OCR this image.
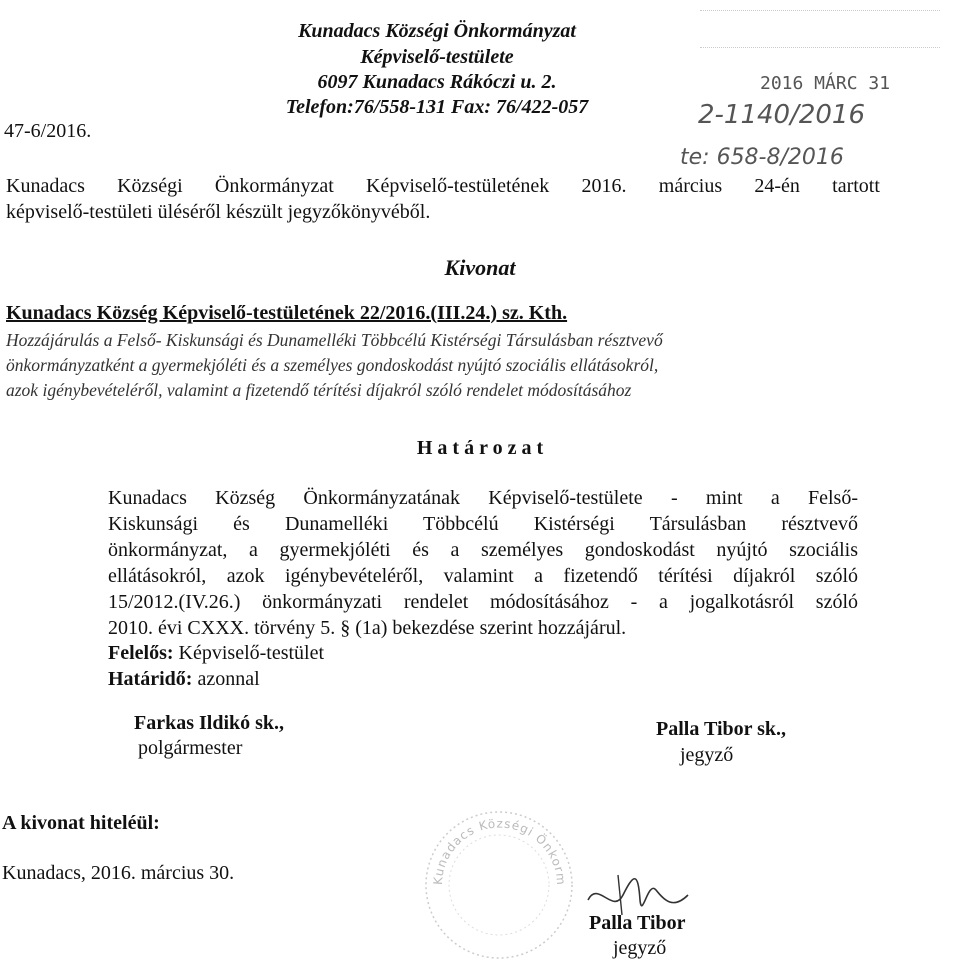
Kunadacs Községi Önkormányzat
Képviselő-testülete
6097 Kunadacs Rákóczi u. 2.
Telefon:76/558-131 Fax: 76/422-057
47-6/2016.
2016 MÁRC 31
2-1140/2016
te: 658-8/2016
Kunadacs Községi Önkormányzat Képviselő-testületének 2016. március 24-én tartott
képviselő-testületi üléséről készült jegyzőkönyvéből.
Kivonat
Kunadacs Község Képviselő-testületének 22/2016.(III.24.) sz. Kth.
Hozzájárulás a Felső- Kiskunsági és Dunamelléki Többcélú Kistérségi Társulásban résztvevő
önkormányzatként a gyermekjóléti és a személyes gondoskodást nyújtó szociális ellátásokról,
azok igénybevételéről, valamint a fizetendő térítési díjakról szóló rendelet módosításához
H a t á r o z a t
Kunadacs Község Önkormányzatának Képviselő-testülete - mint a Felső-
Kiskunsági és Dunamelléki Többcélú Kistérségi Társulásban résztvevő
önkormányzat, a gyermekjóléti és a személyes gondoskodást nyújtó szociális
ellátásokról, azok igénybevételéről, valamint a fizetendő térítési díjakról szóló
15/2012.(IV.26.) önkormányzati rendelet módosításához - a jogalkotásról szóló
2010. évi CXXX. törvény 5. § (1a) bekezdése szerint hozzájárul.
Felelős: Képviselő-testület
Határidő: azonnal
Farkas Ildikó sk.,
polgármester
Palla Tibor sk.,
jegyző
A kivonat hiteléül:
Kunadacs, 2016. március 30.	Kunadacs Községi Önkorm
Palla Tibor
jegyző
